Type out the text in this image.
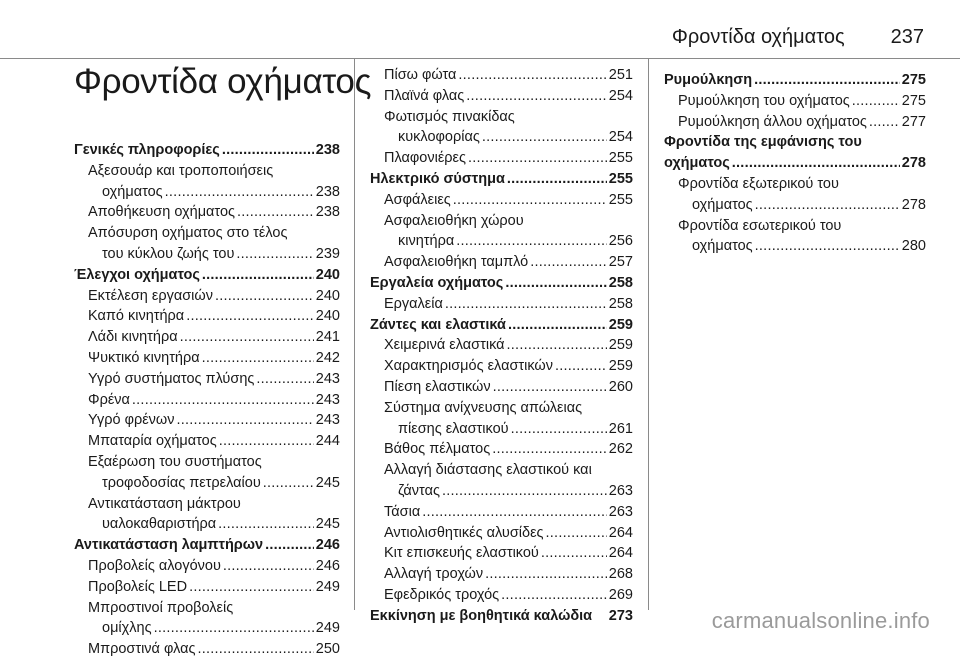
Φροντίδα οχήματος 237
Φροντίδα οχήματος
Γενικές πληροφορίες . . .	238
Αξεσουάρ και τροποποιήσεις
οχήματος . . .	238
Αποθήκευση οχήματος . . .	238
Απόσυρση οχήματος στο τέλος
του κύκλου ζωής του . . .	239
Έλεγχοι οχήματος . . .	240
Εκτέλεση εργασιών . . .	240
Καπό κινητήρα . . .	240
Λάδι κινητήρα . . .	241
Ψυκτικό κινητήρα . . .	242
Υγρό συστήματος πλύσης . . .	243
Φρένα . . .	243
Υγρό φρένων . . .	243
Μπαταρία οχήματος . . .	244
Εξαέρωση του συστήματος
τροφοδοσίας πετρελαίου . . .	245
Αντικατάσταση μάκτρου
υαλοκαθαριστήρα . . .	245
Αντικατάσταση λαμπτήρων . . .	246
Προβολείς αλογόνου . . .	246
Προβολείς LED . . .	249
Μπροστινοί προβολείς
ομίχλης . . .	249
Μπροστινά φλας . . .	250
Πίσω φώτα . . .	251
Πλαϊνά φλας . . .	254
Φωτισμός πινακίδας
κυκλοφορίας . . .	254
Πλαφονιέρες . . .	255
Ηλεκτρικό σύστημα . . .	255
Ασφάλειες . . .	255
Ασφαλειοθήκη χώρου
κινητήρα . . .	256
Ασφαλειοθήκη ταμπλό . . .	257
Εργαλεία οχήματος . . .	258
Εργαλεία . . .	258
Ζάντες και ελαστικά . . .	259
Χειμερινά ελαστικά . . .	259
Χαρακτηρισμός ελαστικών . . .	259
Πίεση ελαστικών . . .	260
Σύστημα ανίχνευσης απώλειας
πίεσης ελαστικού . . .	261
Βάθος πέλματος . . .	262
Αλλαγή διάστασης ελαστικού και
ζάντας . . .	263
Τάσια . . .	263
Αντιολισθητικές αλυσίδες . . .	264
Κιτ επισκευής ελαστικού . . .	264
Αλλαγή τροχών . . .	268
Εφεδρικός τροχός . . .	269
Εκκίνηση με βοηθητικά καλώδια 273
Ρυμούλκηση . . .	275
Ρυμούλκηση του οχήματος . . .	275
Ρυμούλκηση άλλου οχήματος . . . 277
Φροντίδα της εμφάνισης του
οχήματος . . .	278
Φροντίδα εξωτερικού του
οχήματος . . .	278
Φροντίδα εσωτερικού του
οχήματος . . .	280
carmanualsonline.info
